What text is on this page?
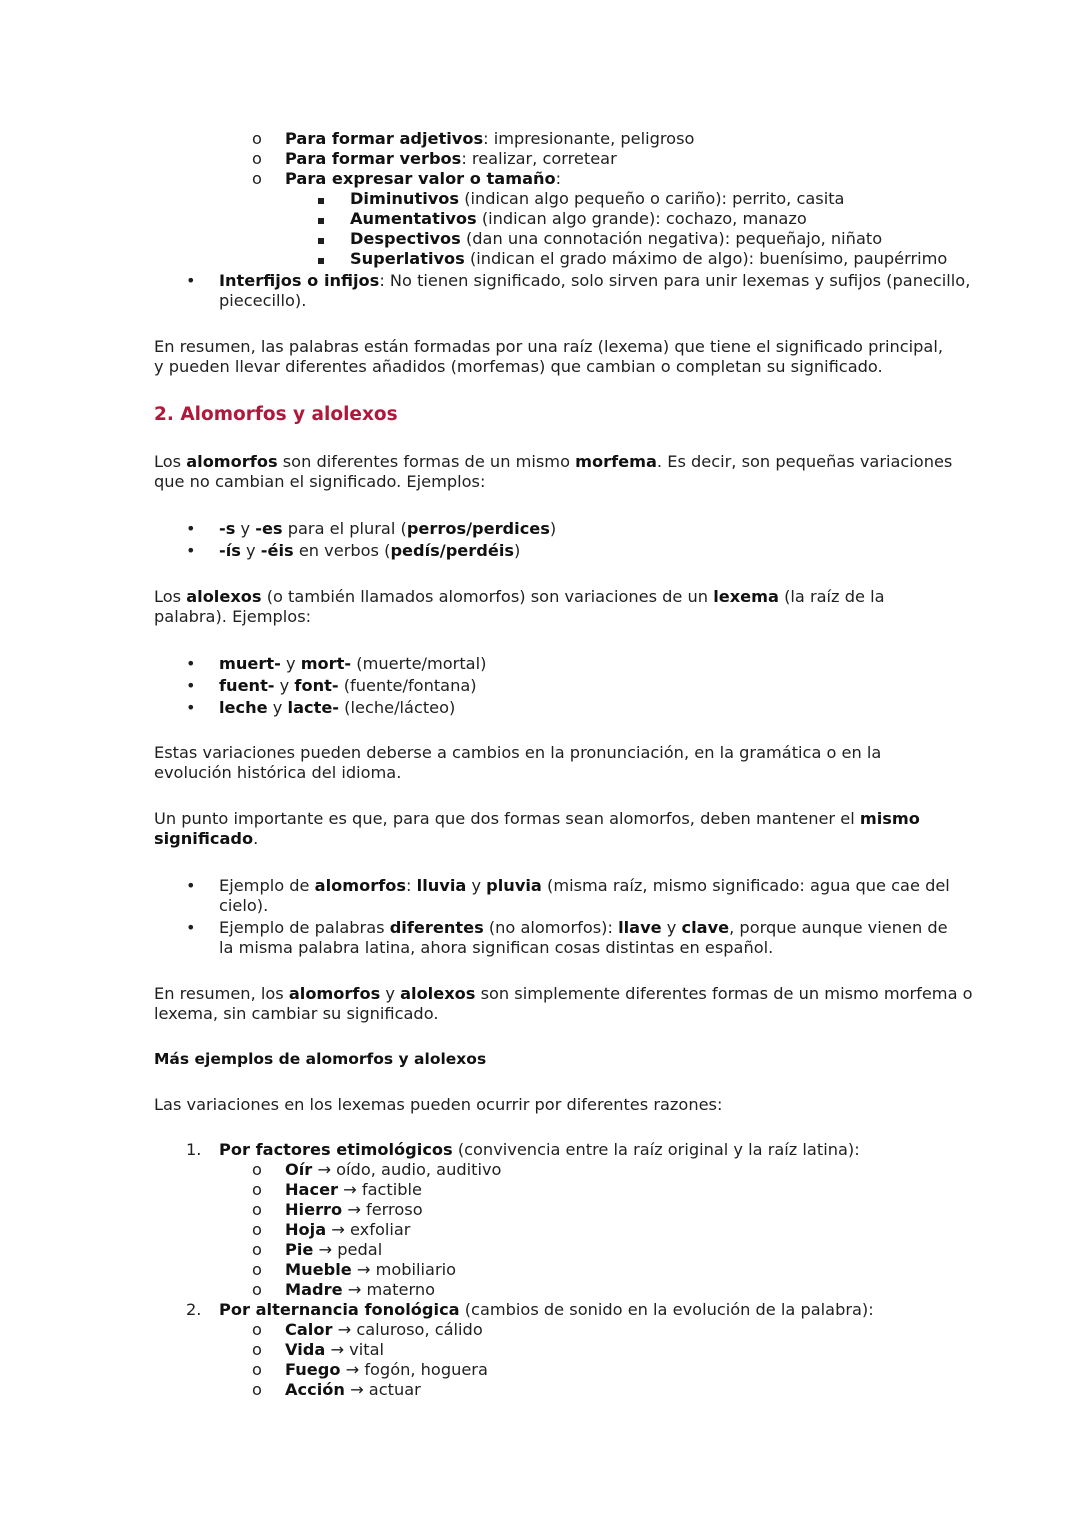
o Para formar adjetivos: impresionante, peligroso
o Para formar verbos: realizar, corretear
o Para expresar valor o tamaño:
Diminutivos (indican algo pequeño o cariño): perrito, casita
Aumentativos (indican algo grande): cochazo, manazo
Despectivos (dan una connotación negativa): pequeñajo, niñato
Superlativos (indican el grado máximo de algo): buenísimo, paupérrimo
• Interfijos o infijos: No tienen significado, solo sirven para unir lexemas y sufijos (panecillo,
piececillo).
En resumen, las palabras están formadas por una raíz (lexema) que tiene el significado principal,
y pueden llevar diferentes añadidos (morfemas) que cambian o completan su significado.
2. Alomorfos y alolexos
Los alomorfos son diferentes formas de un mismo morfema. Es decir, son pequeñas variaciones
que no cambian el significado. Ejemplos:
• -s y -es para el plural (perros/perdices)
• -ís y -éis en verbos (pedís/perdéis)
Los alolexos (o también llamados alomorfos) son variaciones de un lexema (la raíz de la
palabra). Ejemplos:
• muert- y mort- (muerte/mortal)
• fuent- y font- (fuente/fontana)
• leche y lacte- (leche/lácteo)
Estas variaciones pueden deberse a cambios en la pronunciación, en la gramática o en la
evolución histórica del idioma.
Un punto importante es que, para que dos formas sean alomorfos, deben mantener el mismo
significado.
• Ejemplo de alomorfos: lluvia y pluvia (misma raíz, mismo significado: agua que cae del
cielo).
• Ejemplo de palabras diferentes (no alomorfos): llave y clave, porque aunque vienen de
la misma palabra latina, ahora significan cosas distintas en español.
En resumen, los alomorfos y alolexos son simplemente diferentes formas de un mismo morfema o
lexema, sin cambiar su significado.
Más ejemplos de alomorfos y alolexos
Las variaciones en los lexemas pueden ocurrir por diferentes razones:
1. Por factores etimológicos (convivencia entre la raíz original y la raíz latina):
o Oír → oído, audio, auditivo
o Hacer → factible
o Hierro → ferroso
o Hoja → exfoliar
o Pie → pedal
o Mueble → mobiliario
o Madre → materno
2. Por alternancia fonológica (cambios de sonido en la evolución de la palabra):
o Calor → caluroso, cálido
o Vida → vital
o Fuego → fogón, hoguera
o Acción → actuar
